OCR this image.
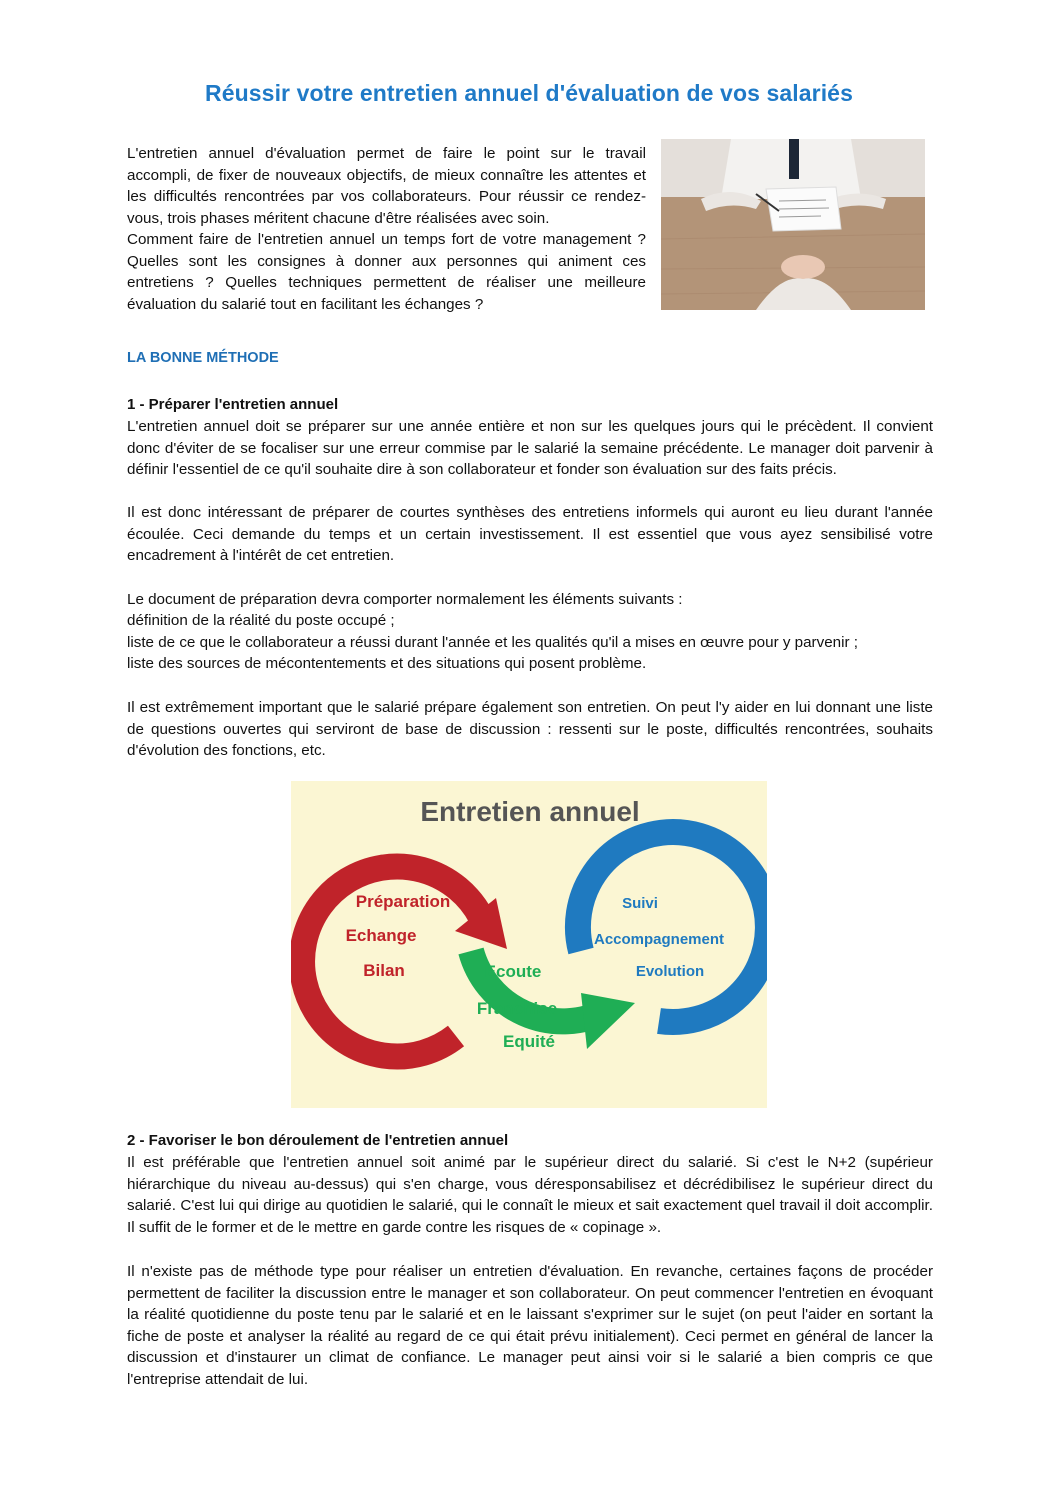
Réussir votre entretien annuel d'évaluation de vos salariés

L'entretien annuel d'évaluation permet de faire le point sur le travail accompli, de fixer de nouveaux objectifs, de mieux connaître les attentes et les difficultés rencontrées par vos collaborateurs. Pour réussir ce rendez-vous, trois phases méritent chacune d'être réalisées avec soin.
Comment faire de l'entretien annuel un temps fort de votre management ? Quelles sont les consignes à donner aux personnes qui animent ces entretiens ? Quelles techniques permettent de réaliser une meilleure évaluation du salarié tout en facilitant les échanges ?

LA BONNE MÉTHODE
1 - Préparer l'entretien annuel

L'entretien annuel doit se préparer sur une année entière et non sur les quelques jours qui le précèdent. Il convient donc d'éviter de se focaliser sur une erreur commise par le salarié la semaine précédente. Le manager doit parvenir à définir l'essentiel de ce qu'il souhaite dire à son collaborateur et fonder son évaluation sur des faits précis.

Il est donc intéressant de préparer de courtes synthèses des entretiens informels qui auront eu lieu durant l'année écoulée. Ceci demande du temps et un certain investissement. Il est essentiel que vous ayez sensibilisé votre encadrement à l'intérêt de cet entretien.

Le document de préparation devra comporter normalement les éléments suivants :
définition de la réalité du poste occupé ;
liste de ce que le collaborateur a réussi durant l'année et les qualités qu'il a mises en œuvre pour y parvenir ;
liste des sources de mécontentements et des situations qui posent problème.

Il est extrêmement important que le salarié prépare également son entretien. On peut l'y aider en lui donnant une liste de questions ouvertes qui serviront de base de discussion : ressenti sur le poste, difficultés rencontrées, souhaits d'évolution des fonctions, etc.

Entretien annuel
Préparation
Echange
Bilan	Ecoute
Franchise
Equité
Suivi
Accompagnement
Evolution
2 - Favoriser le bon déroulement de l'entretien annuel

Il est préférable que l'entretien annuel soit animé par le supérieur direct du salarié. Si c'est le N+2 (supérieur hiérarchique du niveau au-dessus) qui s'en charge, vous déresponsabilisez et décrédibilisez le supérieur direct du salarié. C'est lui qui dirige au quotidien le salarié, qui le connaît le mieux et sait exactement quel travail il doit accomplir. Il suffit de le former et de le mettre en garde contre les risques de « copinage ».

Il n'existe pas de méthode type pour réaliser un entretien d'évaluation. En revanche, certaines façons de procéder permettent de faciliter la discussion entre le manager et son collaborateur. On peut commencer l'entretien en évoquant la réalité quotidienne du poste tenu par le salarié et en le laissant s'exprimer sur le sujet (on peut l'aider en sortant la fiche de poste et analyser la réalité au regard de ce qui était prévu initialement). Ceci permet en général de lancer la discussion et d'instaurer un climat de confiance. Le manager peut ainsi voir si le salarié a bien compris ce que l'entreprise attendait de lui.
